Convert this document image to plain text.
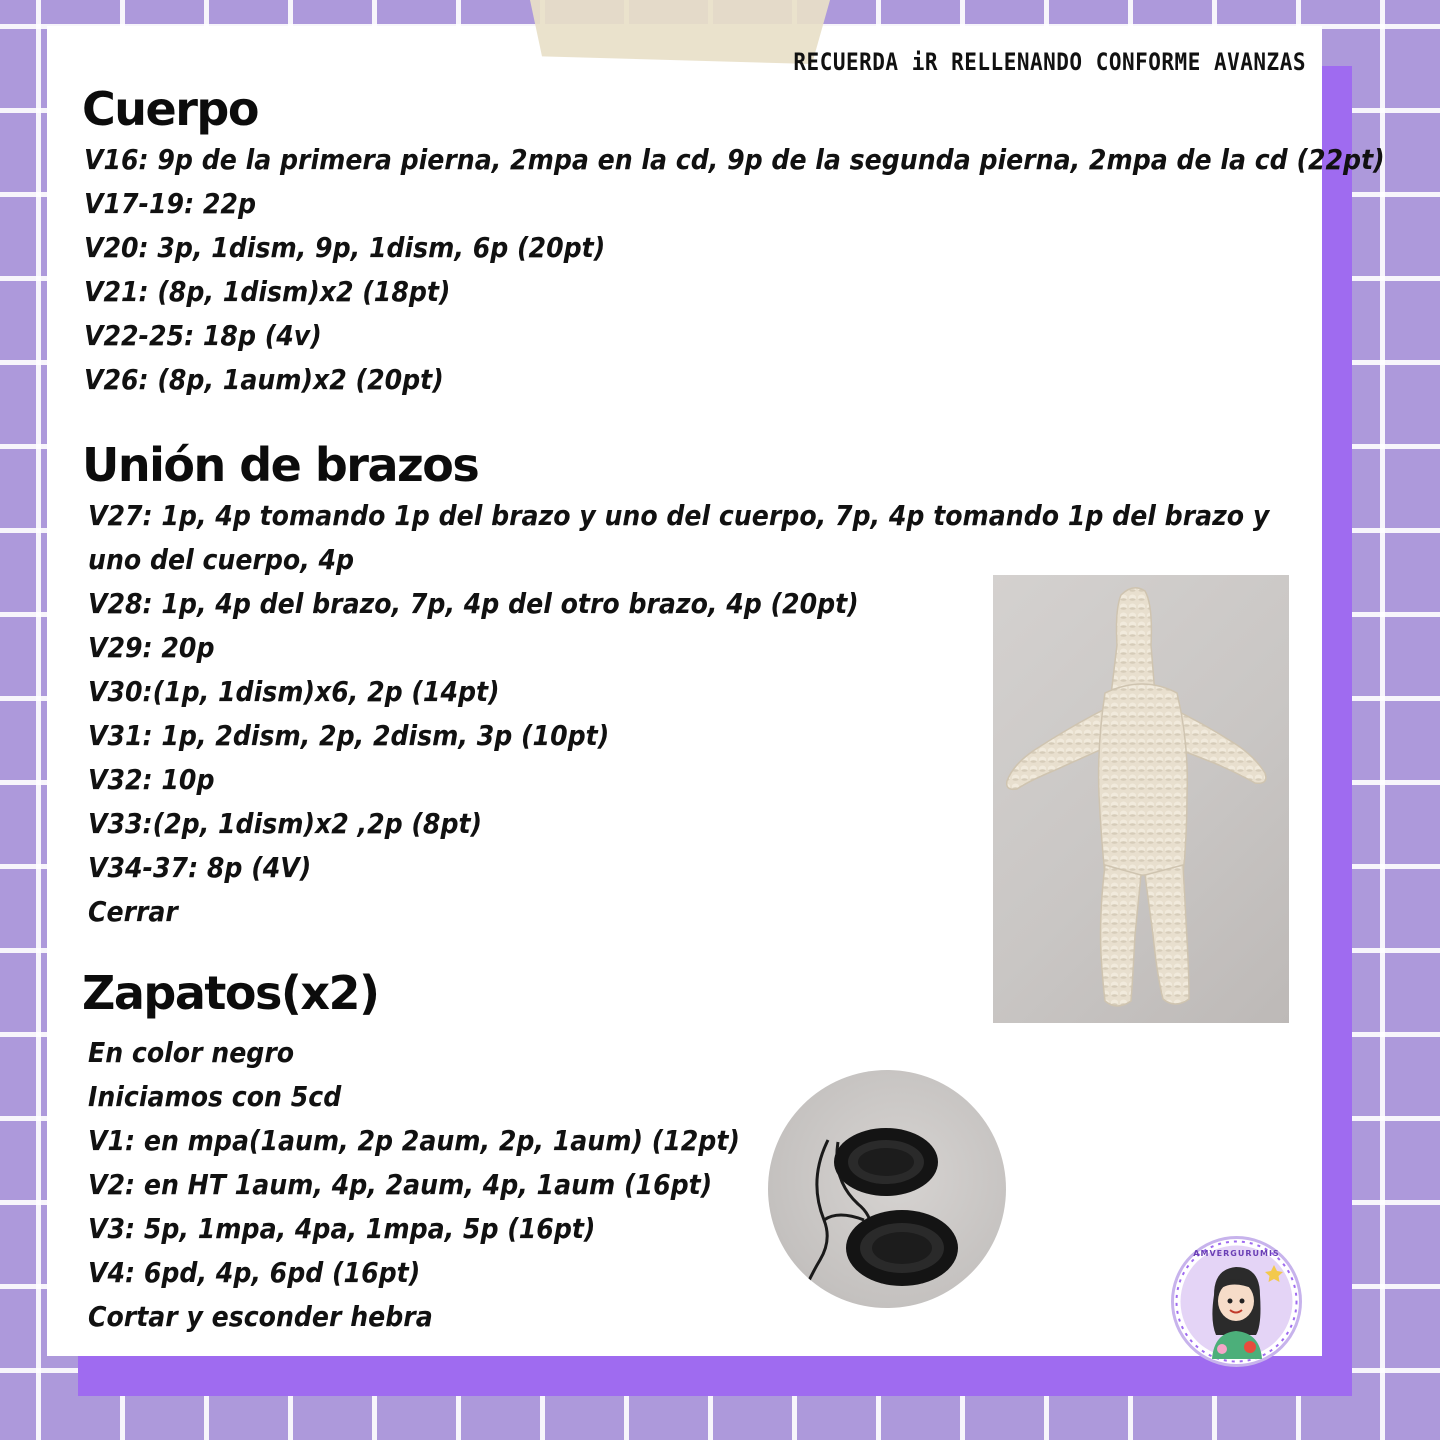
RECUERDA iR RELLENANDO CONFORME AVANZAS
Cuerpo
V16: 9p de la primera pierna, 2mpa en la cd, 9p de la segunda pierna, 2mpa de la cd (22pt)
V17-19: 22p
V20: 3p, 1dism, 9p, 1dism, 6p (20pt)
V21: (8p, 1dism)x2 (18pt)
V22-25: 18p (4v)
V26: (8p, 1aum)x2 (20pt)
Unión de brazos
V27: 1p, 4p tomando 1p del brazo y uno del cuerpo, 7p, 4p tomando 1p del brazo y uno del cuerpo, 4p
V28: 1p, 4p del brazo, 7p, 4p del otro brazo, 4p (20pt)
V29: 20p
V30:(1p, 1dism)x6, 2p (14pt)
V31: 1p, 2dism, 2p, 2dism, 3p (10pt)
V32: 10p
V33:(2p, 1dism)x2 ,2p (8pt)
V34-37: 8p (4V)
Cerrar
Zapatos(x2)
En color negro
Iniciamos con 5cd
V1: en mpa(1aum, 2p 2aum, 2p, 1aum) (12pt)
V2: en HT 1aum, 4p, 2aum, 4p, 1aum (16pt)
V3: 5p, 1mpa, 4pa, 1mpa, 5p (16pt)
V4: 6pd, 4p, 6pd (16pt)
Cortar y esconder hebra
AMVERGURUMIS
